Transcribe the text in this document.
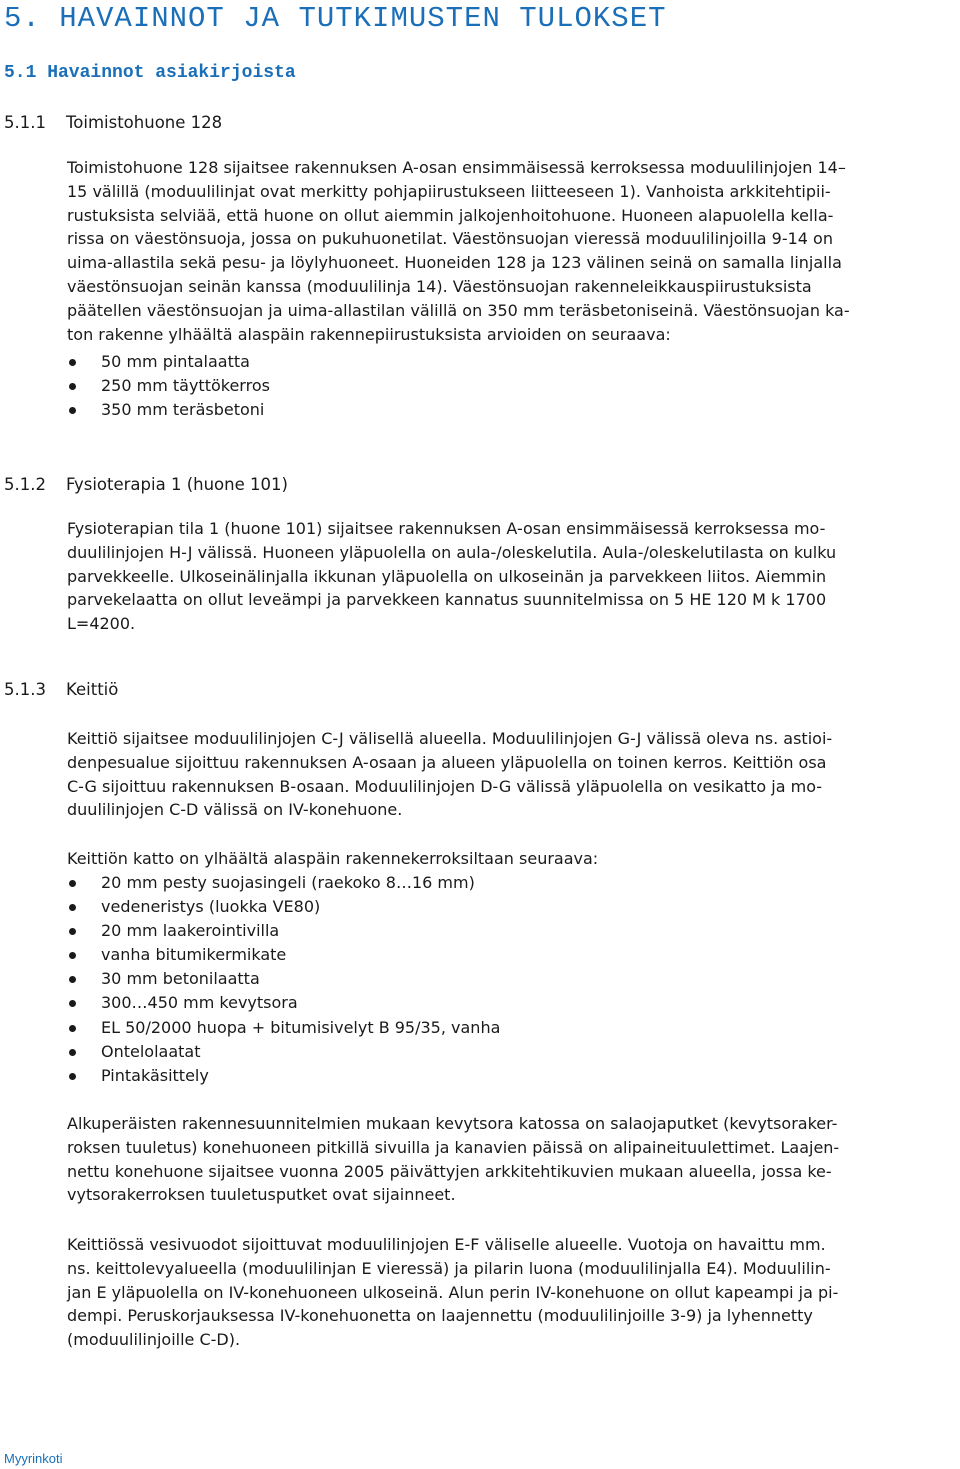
5. HAVAINNOT JA TUTKIMUSTEN TULOKSET
5.1 Havainnot asiakirjoista
5.1.1 Toimistohuone 128
Toimistohuone 128 sijaitsee rakennuksen A-osan ensimmäisessä kerroksessa moduulilinjojen 14–
15 välillä (moduulilinjat ovat merkitty pohjapiirustukseen liitteeseen 1). Vanhoista arkkitehtipii-
rustuksista selviää, että huone on ollut aiemmin jalkojenhoitohuone. Huoneen alapuolella kella-
rissa on väestönsuoja, jossa on pukuhuonetilat. Väestönsuojan vieressä moduulilinjoilla 9-14 on
uima-allastila sekä pesu- ja löylyhuoneet. Huoneiden 128 ja 123 välinen seinä on samalla linjalla
väestönsuojan seinän kanssa (moduulilinja 14). Väestönsuojan rakenneleikkauspiirustuksista
päätellen väestönsuojan ja uima-allastilan välillä on 350 mm teräsbetoniseinä. Väestönsuojan ka-
ton rakenne ylhäältä alaspäin rakennepiirustuksista arvioiden on seuraava:
50 mm pintalaatta
250 mm täyttökerros
350 mm teräsbetoni
5.1.2 Fysioterapia 1 (huone 101)
Fysioterapian tila 1 (huone 101) sijaitsee rakennuksen A-osan ensimmäisessä kerroksessa mo-
duulilinjojen H-J välissä. Huoneen yläpuolella on aula-/oleskelutila. Aula-/oleskelutilasta on kulku
parvekkeelle. Ulkoseinälinjalla ikkunan yläpuolella on ulkoseinän ja parvekkeen liitos. Aiemmin
parvekelaatta on ollut leveämpi ja parvekkeen kannatus suunnitelmissa on 5 HE 120 M k 1700
L=4200.
5.1.3 Keittiö
Keittiö sijaitsee moduulilinjojen C-J välisellä alueella. Moduulilinjojen G-J välissä oleva ns. astioi-
denpesualue sijoittuu rakennuksen A-osaan ja alueen yläpuolella on toinen kerros. Keittiön osa
C-G sijoittuu rakennuksen B-osaan. Moduulilinjojen D-G välissä yläpuolella on vesikatto ja mo-
duulilinjojen C-D välissä on IV-konehuone.
Keittiön katto on ylhäältä alaspäin rakennekerroksiltaan seuraava:
20 mm pesty suojasingeli (raekoko 8…16 mm)
vedeneristys (luokka VE80)
20 mm laakerointivilla
vanha bitumikermikate
30 mm betonilaatta
300…450 mm kevytsora
EL 50/2000 huopa + bitumisivelyt B 95/35, vanha
Ontelolaatat
Pintakäsittely
Alkuperäisten rakennesuunnitelmien mukaan kevytsora katossa on salaojaputket (kevytsoraker-
roksen tuuletus) konehuoneen pitkillä sivuilla ja kanavien päissä on alipaineituulettimet. Laajen-
nettu konehuone sijaitsee vuonna 2005 päivättyjen arkkitehtikuvien mukaan alueella, jossa ke-
vytsorakerroksen tuuletusputket ovat sijainneet.
Keittiössä vesivuodot sijoittuvat moduulilinjojen E-F väliselle alueelle. Vuotoja on havaittu mm.
ns. keittolevyalueella (moduulilinjan E vieressä) ja pilarin luona (moduulilinjalla E4). Moduulilin-
jan E yläpuolella on IV-konehuoneen ulkoseinä. Alun perin IV-konehuone on ollut kapeampi ja pi-
dempi. Peruskorjauksessa IV-konehuonetta on laajennettu (moduulilinjoille 3-9) ja lyhennetty
(moduulilinjoille C-D).
Myyrinkoti
